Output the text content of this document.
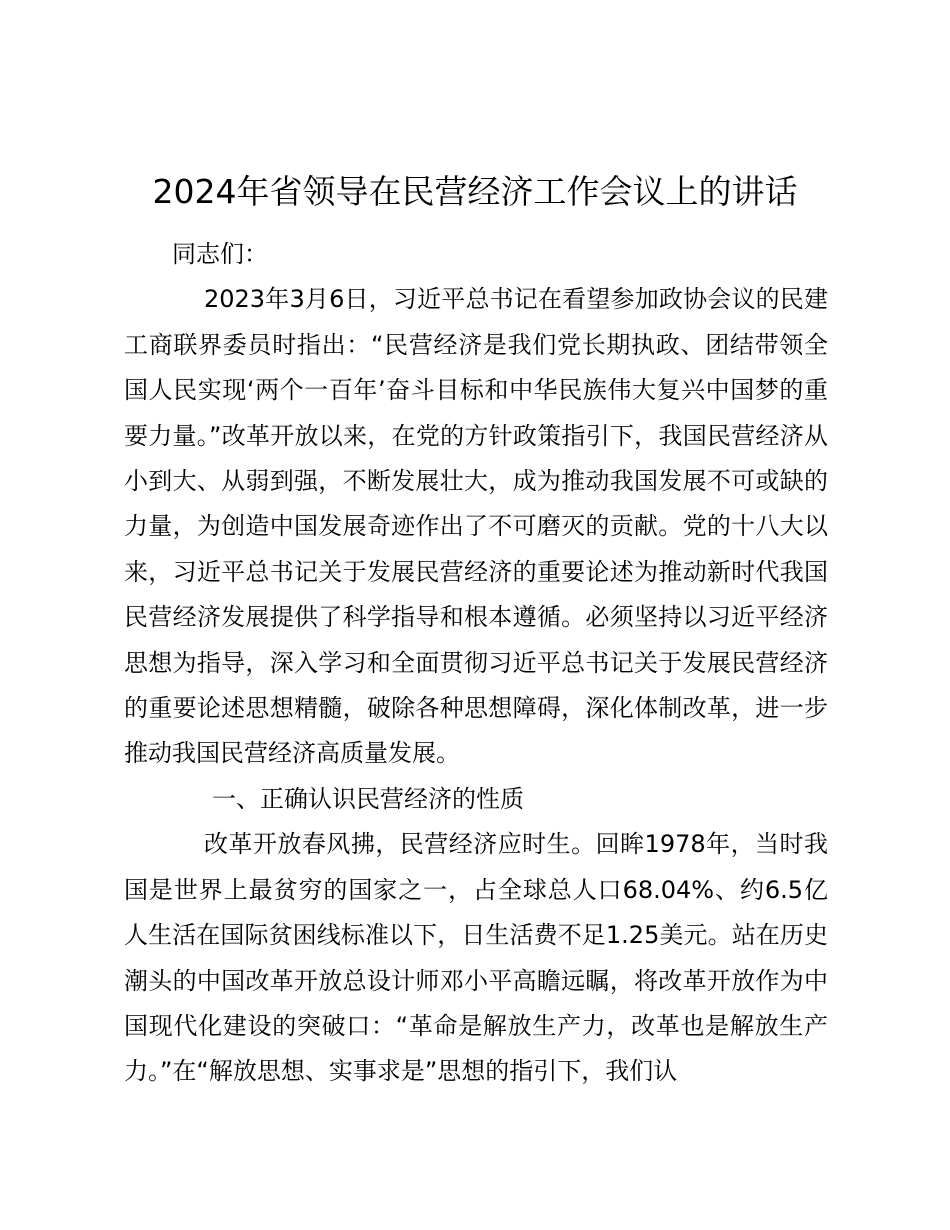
2024年省领导在民营经济工作会议上的讲话

同志们：

2023年3月6日，习近平总书记在看望参加政协会议的民建工商联界委员时指出：“民营经济是我们党长期执政、团结带领全国人民实现‘两个一百年’奋斗目标和中华民族伟大复兴中国梦的重要力量。”改革开放以来，在党的方针政策指引下，我国民营经济从小到大、从弱到强，不断发展壮大，成为推动我国发展不可或缺的力量，为创造中国发展奇迹作出了不可磨灭的贡献。党的十八大以来，习近平总书记关于发展民营经济的重要论述为推动新时代我国民营经济发展提供了科学指导和根本遵循。必须坚持以习近平经济思想为指导，深入学习和全面贯彻习近平总书记关于发展民营经济的重要论述思想精髓，破除各种思想障碍，深化体制改革，进一步推动我国民营经济高质量发展。

一、正确认识民营经济的性质

改革开放春风拂，民营经济应时生。回眸1978年，当时我国是世界上最贫穷的国家之一，占全球总人口68.04%、约6.5亿人生活在国际贫困线标准以下，日生活费不足1.25美元。站在历史潮头的中国改革开放总设计师邓小平高瞻远瞩，将改革开放作为中国现代化建设的突破口：“革命是解放生产力，改革也是解放生产力。”在“解放思想、实事求是”思想的指引下，我们认
